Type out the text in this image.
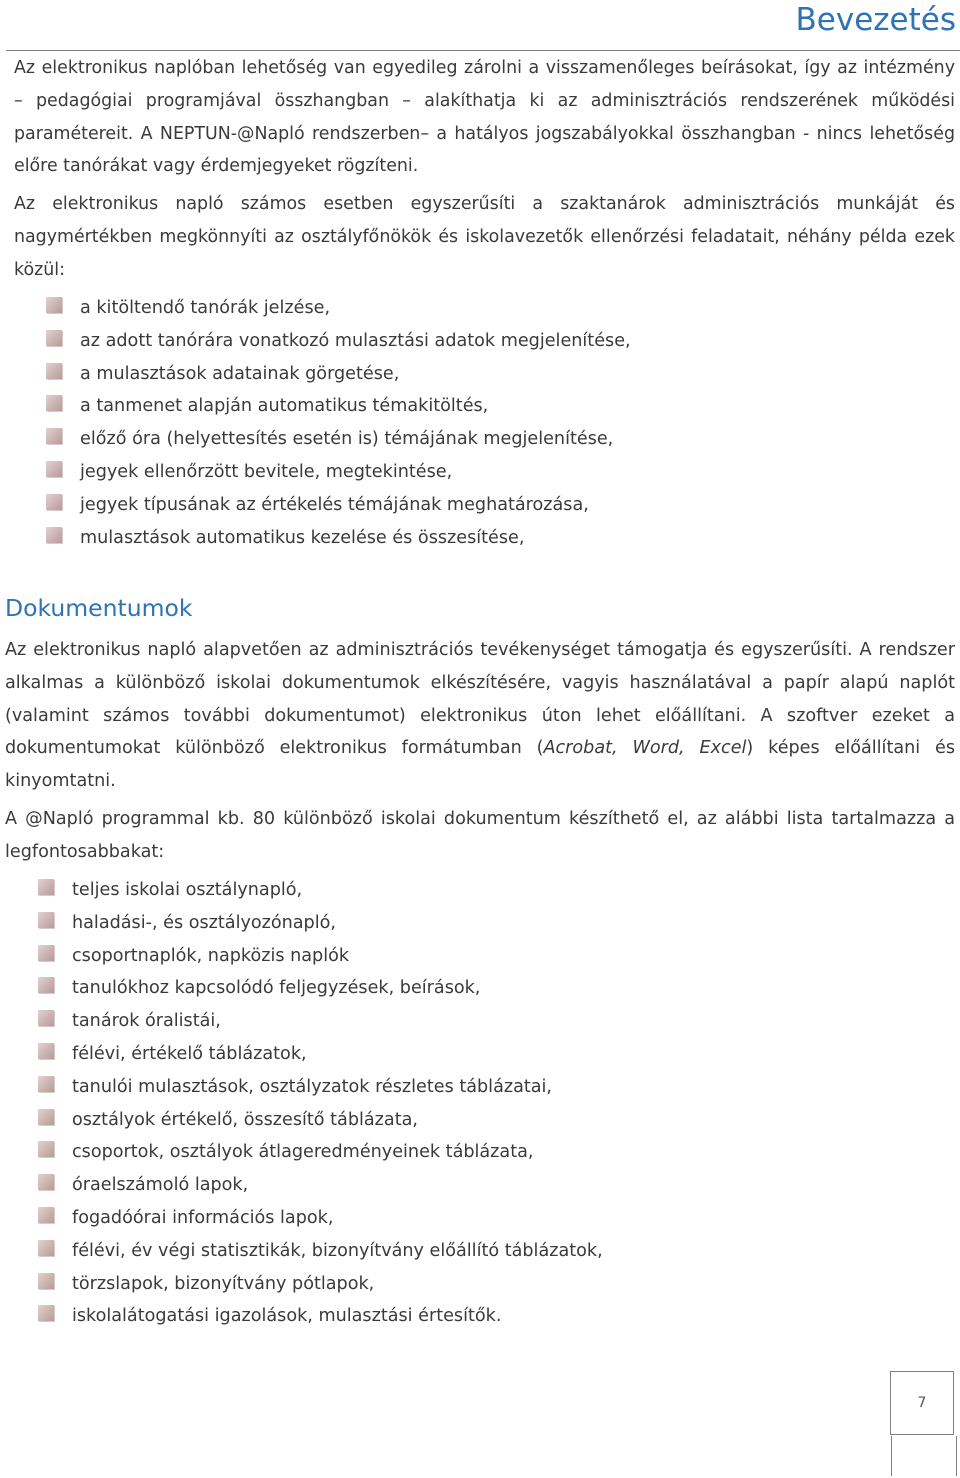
Bevezetés

Az elektronikus naplóban lehetőség van egyedileg zárolni a visszamenőleges beírásokat, így az intézmény – pedagógiai programjával összhangban – alakíthatja ki az adminisztrációs rendszerének működési paramétereit. A NEPTUN-@Napló rendszerben– a hatályos jogszabályokkal összhangban - nincs lehetőség előre tanórákat vagy érdemjegyeket rögzíteni.

Az elektronikus napló számos esetben egyszerűsíti a szaktanárok adminisztrációs munkáját és nagymértékben megkönnyíti az osztályfőnökök és iskolavezetők ellenőrzési feladatait, néhány példa ezek közül:

a kitöltendő tanórák jelzése,
az adott tanórára vonatkozó mulasztási adatok megjelenítése,
a mulasztások adatainak görgetése,
a tanmenet alapján automatikus témakitöltés,
előző óra (helyettesítés esetén is) témájának megjelenítése,
jegyek ellenőrzött bevitele, megtekintése,
jegyek típusának az értékelés témájának meghatározása,
mulasztások automatikus kezelése és összesítése,
Dokumentumok

Az elektronikus napló alapvetően az adminisztrációs tevékenységet támogatja és egyszerűsíti. A rendszer alkalmas a különböző iskolai dokumentumok elkészítésére, vagyis használatával a papír alapú naplót (valamint számos további dokumentumot) elektronikus úton lehet előállítani. A szoftver ezeket a dokumentumokat különböző elektronikus formátumban (Acrobat, Word, Excel) képes előállítani és kinyomtatni.

A @Napló programmal kb. 80 különböző iskolai dokumentum készíthető el, az alábbi lista tartalmazza a legfontosabbakat:

teljes iskolai osztálynapló,
haladási-, és osztályozónapló,
csoportnaplók, napközis naplók
tanulókhoz kapcsolódó feljegyzések, beírások,
tanárok óralistái,
félévi, értékelő táblázatok,
tanulói mulasztások, osztályzatok részletes táblázatai,
osztályok értékelő, összesítő táblázata,
csoportok, osztályok átlageredményeinek táblázata,
óraelszámoló lapok,
fogadóórai információs lapok,
félévi, év végi statisztikák, bizonyítvány előállító táblázatok,
törzslapok, bizonyítvány pótlapok,
iskolalátogatási igazolások, mulasztási értesítők.
7
